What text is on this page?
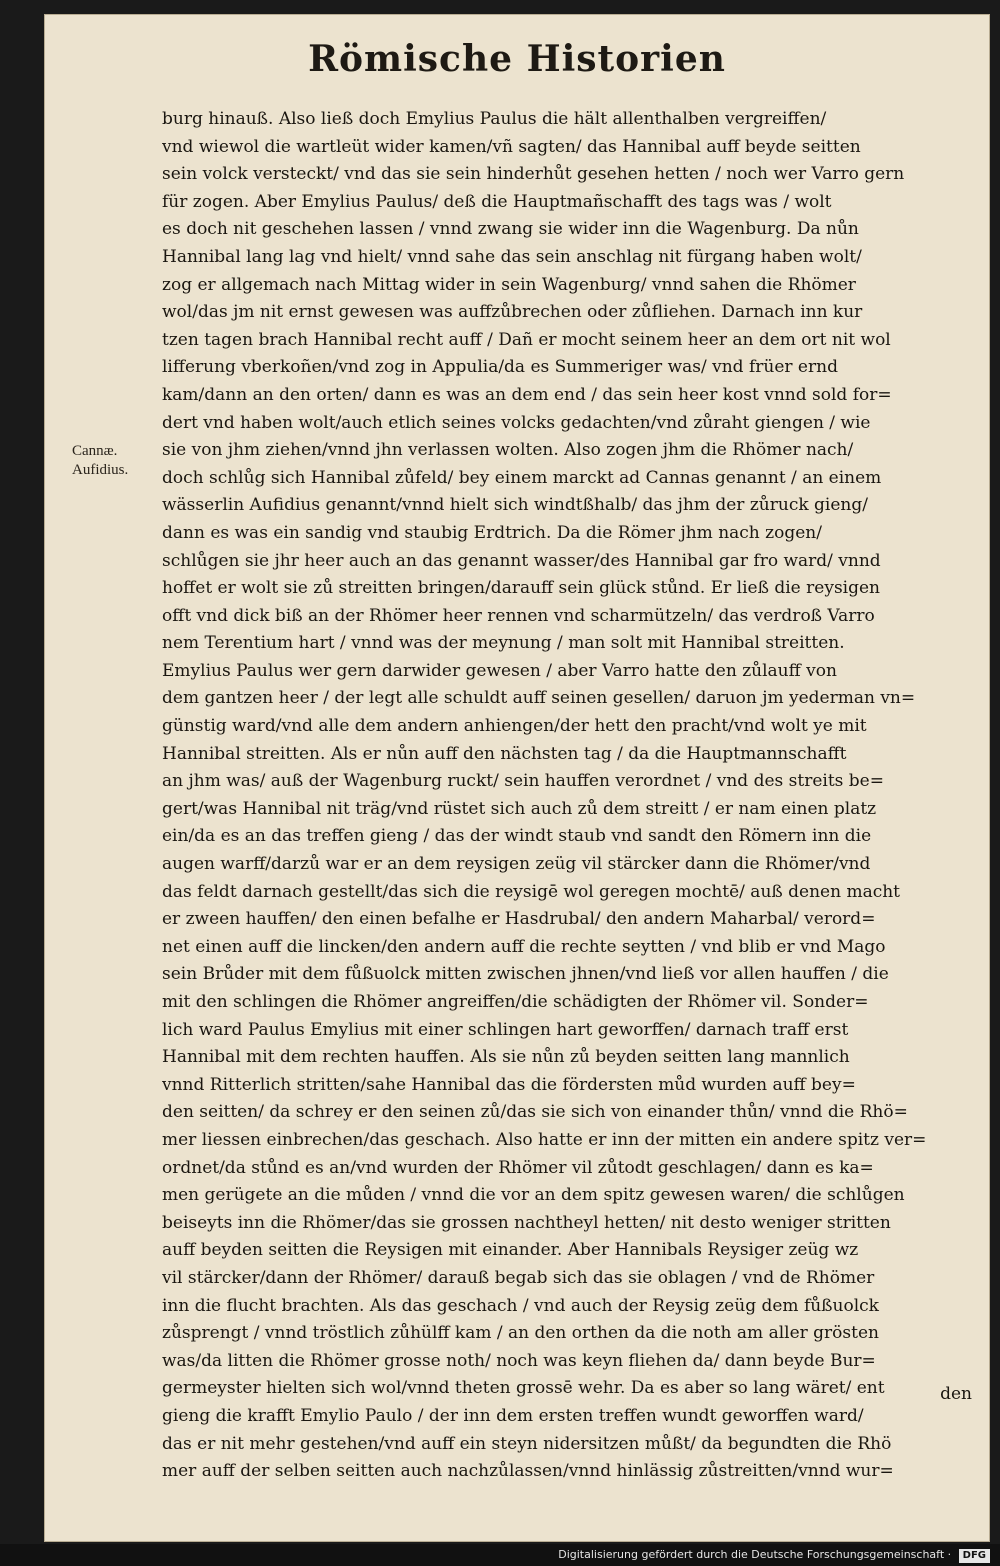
Römische Historien
Cannæ.
Aufidius.
burg hinauß. Also ließ doch Emylius Paulus die hält allenthalben vergreiffen/
vnd wiewol die wartleüt wider kamen/vñ sagten/ das Hannibal auff beyde seitten
sein volck versteckt/ vnd das sie sein hinderhůt gesehen hetten / noch wer Varro gern
für zogen. Aber Emylius Paulus/ deß die Hauptmañschafft des tags was / wolt
es doch nit geschehen lassen / vnnd zwang sie wider inn die Wagenburg. Da nůn
Hannibal lang lag vnd hielt/ vnnd sahe das sein anschlag nit fürgang haben wolt/
zog er allgemach nach Mittag wider in sein Wagenburg/ vnnd sahen die Rhömer
wol/das jm nit ernst gewesen was auffzůbrechen oder zůfliehen. Darnach inn kur
tzen tagen brach Hannibal recht auff / Dañ er mocht seinem heer an dem ort nit wol
lifferung vberkoñen/vnd zog in Appulia/da es Summeriger was/ vnd früer ernd
kam/dann an den orten/ dann es was an dem end / das sein heer kost vnnd sold for=
dert vnd haben wolt/auch etlich seines volcks gedachten/vnd zůraht giengen / wie
sie von jhm ziehen/vnnd jhn verlassen wolten. Also zogen jhm die Rhömer nach/
doch schlůg sich Hannibal zůfeld/ bey einem marckt ad Cannas genannt / an einem
wässerlin Aufidius genannt/vnnd hielt sich windtßhalb/ das jhm der zůruck gieng/
dann es was ein sandig vnd staubig Erdtrich. Da die Römer jhm nach zogen/
schlůgen sie jhr heer auch an das genannt wasser/des Hannibal gar fro ward/ vnnd
hoffet er wolt sie zů streitten bringen/darauff sein glück stůnd. Er ließ die reysigen
offt vnd dick biß an der Rhömer heer rennen vnd scharmützeln/ das verdroß Varro
nem Terentium hart / vnnd was der meynung / man solt mit Hannibal streitten.
Emylius Paulus wer gern darwider gewesen / aber Varro hatte den zůlauff von
dem gantzen heer / der legt alle schuldt auff seinen gesellen/ daruon jm yederman vn=
günstig ward/vnd alle dem andern anhiengen/der hett den pracht/vnd wolt ye mit
Hannibal streitten. Als er nůn auff den nächsten tag / da die Hauptmannschafft
an jhm was/ auß der Wagenburg ruckt/ sein hauffen verordnet / vnd des streits be=
gert/was Hannibal nit träg/vnd rüstet sich auch zů dem streitt / er nam einen platz
ein/da es an das treffen gieng / das der windt staub vnd sandt den Römern inn die
augen warff/darzů war er an dem reysigen zeüg vil stärcker dann die Rhömer/vnd
das feldt darnach gestellt/das sich die reysigē wol geregen mochtē/ auß denen macht
er zween hauffen/ den einen befalhe er Hasdrubal/ den andern Maharbal/ verord=
net einen auff die lincken/den andern auff die rechte seytten / vnd blib er vnd Mago
sein Brůder mit dem fůßuolck mitten zwischen jhnen/vnd ließ vor allen hauffen / die
mit den schlingen die Rhömer angreiffen/die schädigten der Rhömer vil. Sonder=
lich ward Paulus Emylius mit einer schlingen hart geworffen/ darnach traff erst
Hannibal mit dem rechten hauffen. Als sie nůn zů beyden seitten lang mannlich
vnnd Ritterlich stritten/sahe Hannibal das die fördersten můd wurden auff bey=
den seitten/ da schrey er den seinen zů/das sie sich von einander thůn/ vnnd die Rhö=
mer liessen einbrechen/das geschach. Also hatte er inn der mitten ein andere spitz ver=
ordnet/da stůnd es an/vnd wurden der Rhömer vil zůtodt geschlagen/ dann es ka=
men gerügete an die můden / vnnd die vor an dem spitz gewesen waren/ die schlůgen
beiseyts inn die Rhömer/das sie grossen nachtheyl hetten/ nit desto weniger stritten
auff beyden seitten die Reysigen mit einander. Aber Hannibals Reysiger zeüg wz
vil stärcker/dann der Rhömer/ darauß begab sich das sie oblagen / vnd de Rhömer
inn die flucht brachten. Als das geschach / vnd auch der Reysig zeüg dem fůßuolck
zůsprengt / vnnd tröstlich zůhülff kam / an den orthen da die noth am aller grösten
was/da litten die Rhömer grosse noth/ noch was keyn fliehen da/ dann beyde Bur=
germeyster hielten sich wol/vnnd theten grossē wehr. Da es aber so lang wäret/ ent
gieng die krafft Emylio Paulo / der inn dem ersten treffen wundt geworffen ward/
das er nit mehr gestehen/vnd auff ein steyn nidersitzen můßt/ da begundten die Rhö
mer auff der selben seitten auch nachzůlassen/vnnd hinlässig zůstreitten/vnnd wur=
den
Digitalisierung gefördert durch die Deutsche Forschungsgemeinschaft · DFG
